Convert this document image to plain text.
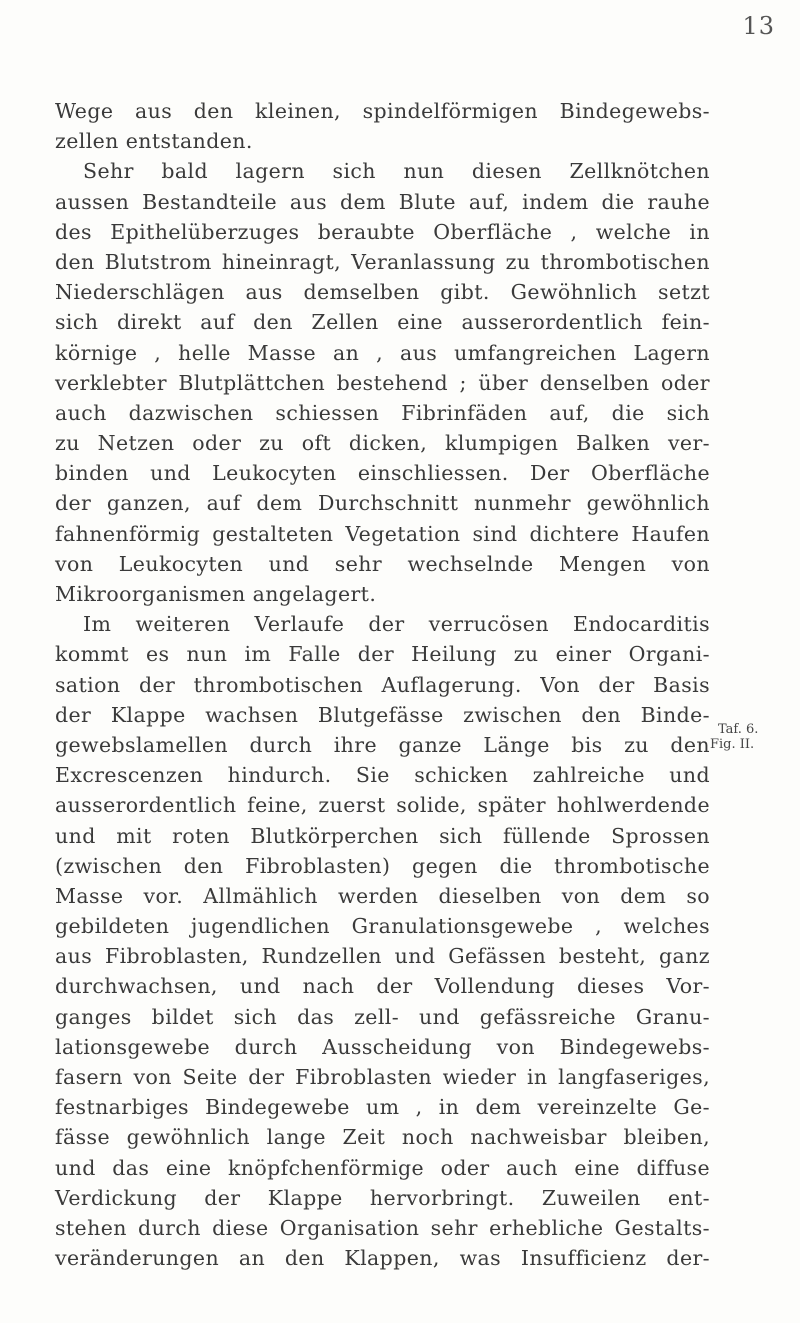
13
Wege aus den kleinen, spindelförmigen Bindegewebs-
zellen entstanden.
Sehr bald lagern sich nun diesen Zellknötchen
aussen Bestandteile aus dem Blute auf, indem die rauhe
des Epithelüberzuges beraubte Oberfläche , welche in
den Blutstrom hineinragt, Veranlassung zu thrombotischen
Niederschlägen aus demselben gibt. Gewöhnlich setzt
sich direkt auf den Zellen eine ausserordentlich fein-
körnige , helle Masse an , aus umfangreichen Lagern
verklebter Blutplättchen bestehend ; über denselben oder
auch dazwischen schiessen Fibrinfäden auf, die sich
zu Netzen oder zu oft dicken, klumpigen Balken ver-
binden und Leukocyten einschliessen. Der Oberfläche
der ganzen, auf dem Durchschnitt nunmehr gewöhnlich
fahnenförmig gestalteten Vegetation sind dichtere Haufen
von Leukocyten und sehr wechselnde Mengen von
Mikroorganismen angelagert.
Im weiteren Verlaufe der verrucösen Endocarditis
kommt es nun im Falle der Heilung zu einer Organi-
sation der thrombotischen Auflagerung. Von der Basis
der Klappe wachsen Blutgefässe zwischen den Binde-
gewebslamellen durch ihre ganze Länge bis zu den
Excrescenzen hindurch. Sie schicken zahlreiche und
ausserordentlich feine, zuerst solide, später hohlwerdende
und mit roten Blutkörperchen sich füllende Sprossen
(zwischen den Fibroblasten) gegen die thrombotische
Masse vor. Allmählich werden dieselben von dem so
gebildeten jugendlichen Granulationsgewebe , welches
aus Fibroblasten, Rundzellen und Gefässen besteht, ganz
durchwachsen, und nach der Vollendung dieses Vor-
ganges bildet sich das zell- und gefässreiche Granu-
lationsgewebe durch Ausscheidung von Bindegewebs-
fasern von Seite der Fibroblasten wieder in langfaseriges,
festnarbiges Bindegewebe um , in dem vereinzelte Ge-
fässe gewöhnlich lange Zeit noch nachweisbar bleiben,
und das eine knöpfchenförmige oder auch eine diffuse
Verdickung der Klappe hervorbringt. Zuweilen ent-
stehen durch diese Organisation sehr erhebliche Gestalts-
veränderungen an den Klappen, was Insufficienz der-
Taf. 6.
Fig. II.
